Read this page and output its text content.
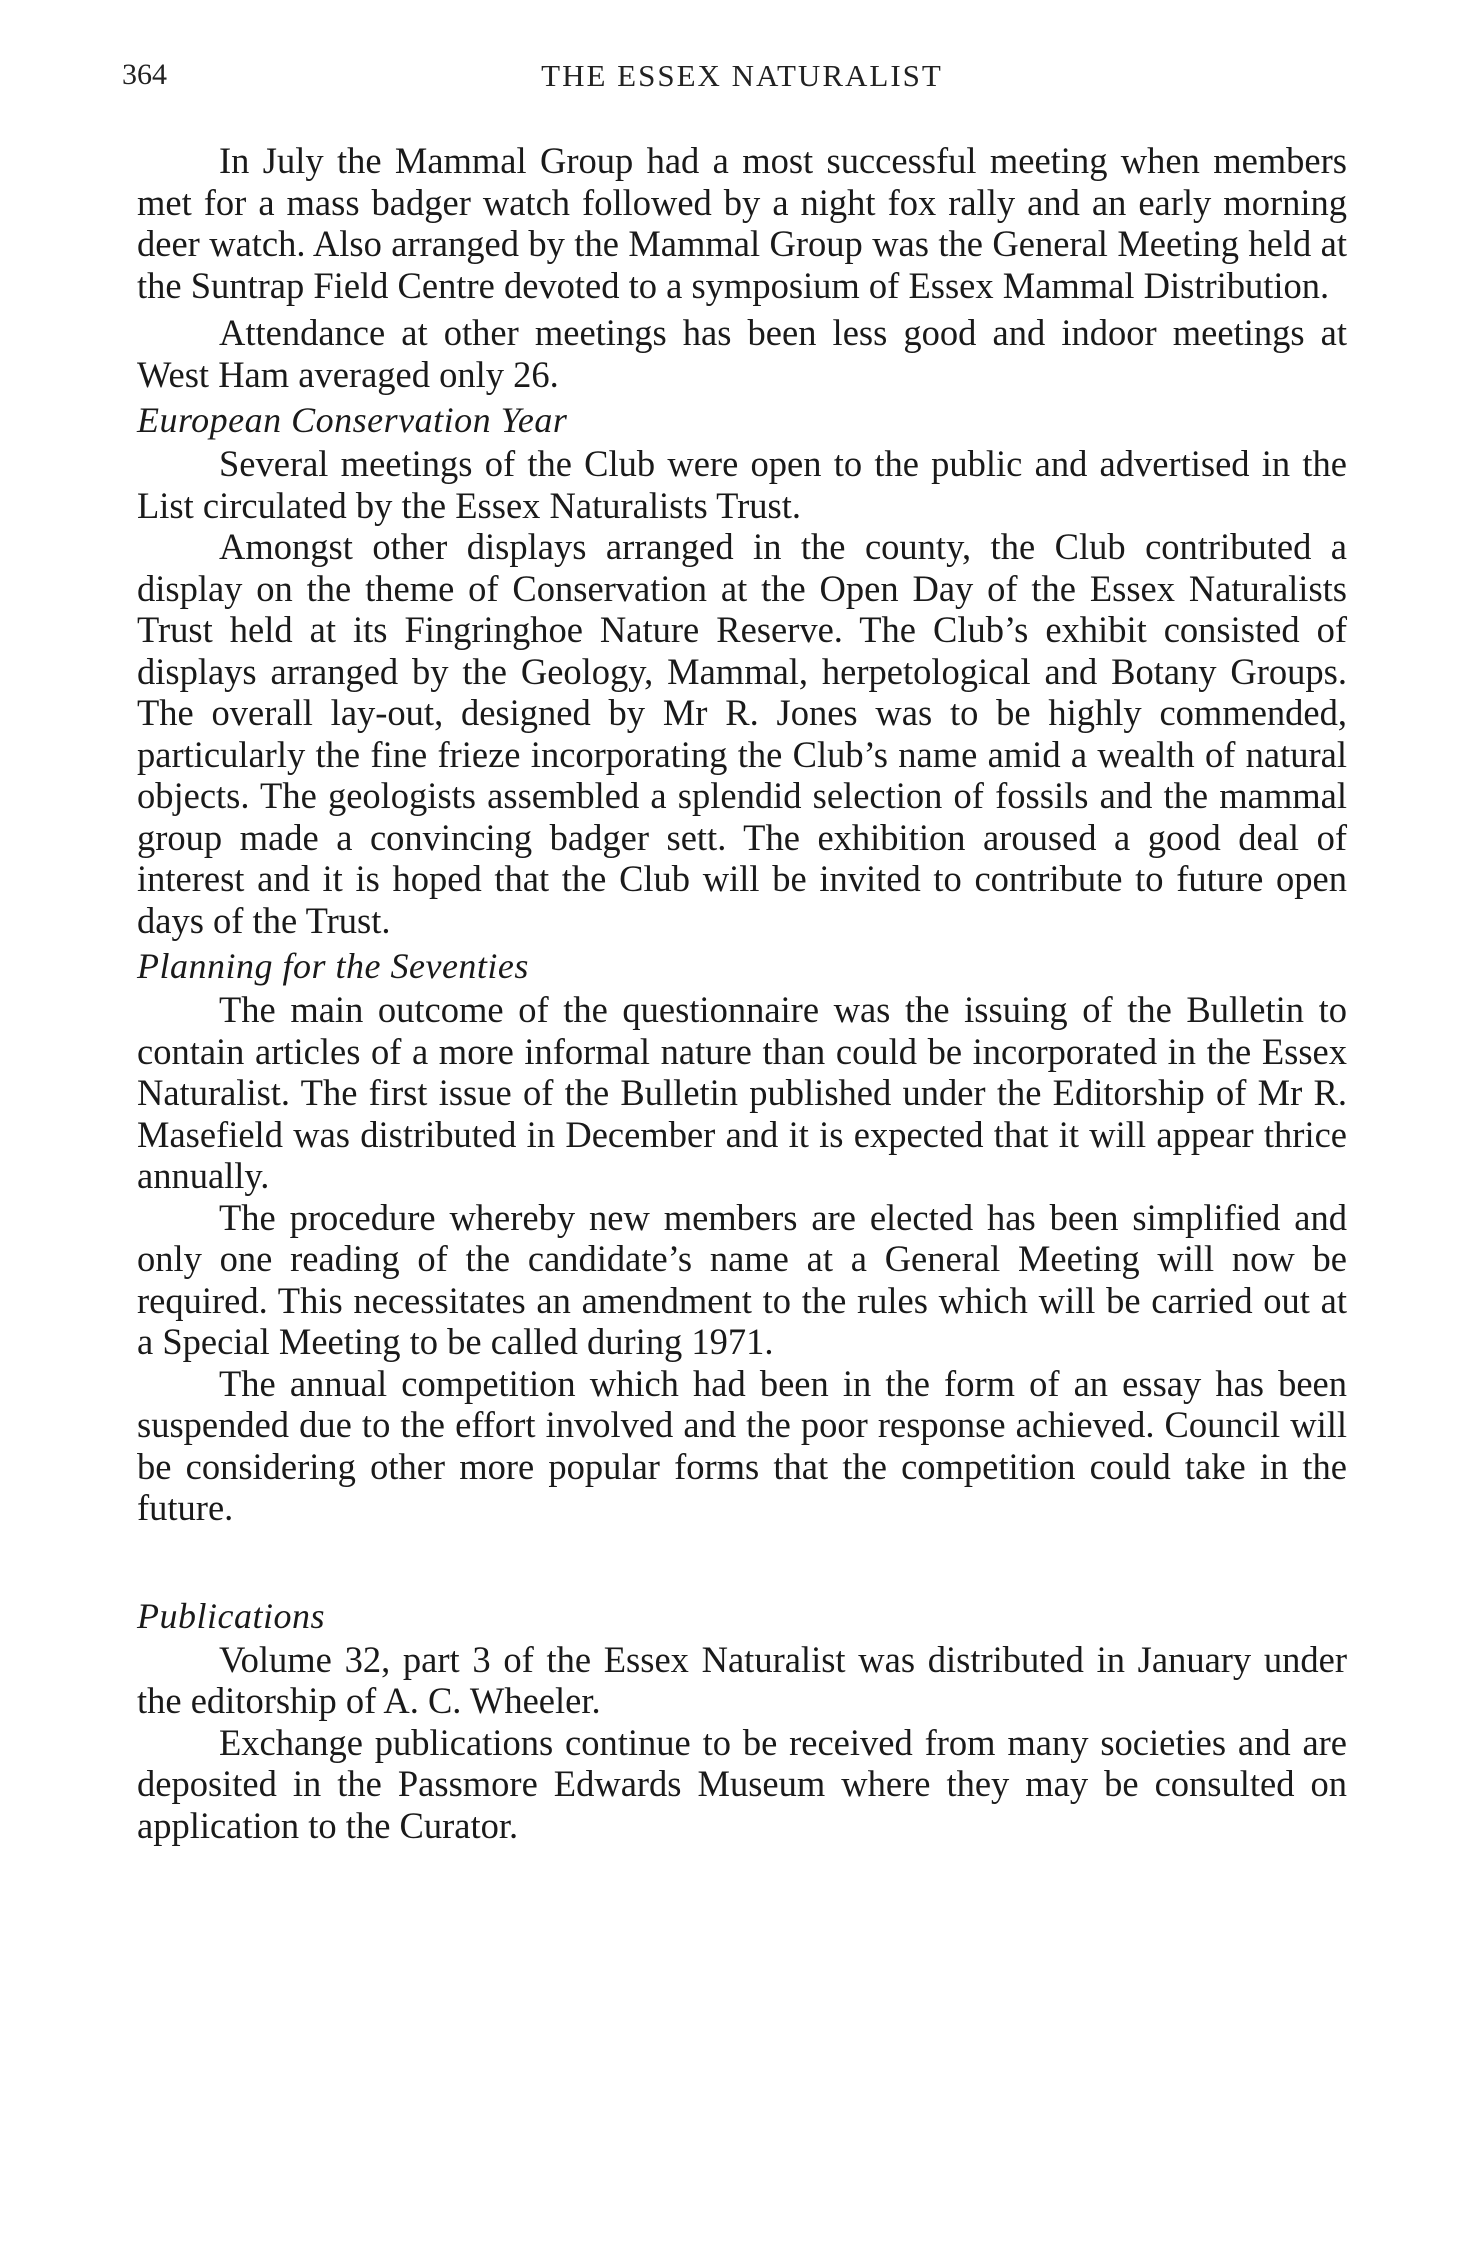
364	THE ESSEX NATURALIST

In July the Mammal Group had a most successful meeting when members met for a mass badger watch followed by a night fox rally and an early morning deer watch. Also arranged by the Mammal Group was the General Meeting held at the Suntrap Field Centre devoted to a symposium of Essex Mammal Distribution.

Attendance at other meetings has been less good and indoor meetings at West Ham averaged only 26.

European Conservation Year

Several meetings of the Club were open to the public and advertised in the List circulated by the Essex Naturalists Trust.

Amongst other displays arranged in the county, the Club contributed a display on the theme of Conservation at the Open Day of the Essex Naturalists Trust held at its Fingringhoe Nature Reserve. The Club’s exhibit consisted of displays arranged by the Geology, Mammal, herpetological and Botany Groups. The overall lay-out, designed by Mr R. Jones was to be highly commended, particularly the fine frieze incorporating the Club’s name amid a wealth of natural objects. The geologists assembled a splendid selection of fossils and the mammal group made a convincing badger sett. The exhibition aroused a good deal of interest and it is hoped that the Club will be invited to contribute to future open days of the Trust.

Planning for the Seventies

The main outcome of the questionnaire was the issuing of the Bulletin to contain articles of a more informal nature than could be incorporated in the Essex Naturalist. The first issue of the Bulletin published under the Editorship of Mr R. Masefield was distributed in December and it is expected that it will appear thrice annually.

The procedure whereby new members are elected has been simplified and only one reading of the candidate’s name at a General Meeting will now be required. This necessitates an amendment to the rules which will be carried out at a Special Meeting to be called during 1971.

The annual competition which had been in the form of an essay has been suspended due to the effort involved and the poor response achieved. Council will be considering other more popular forms that the competition could take in the future.

Publications

Volume 32, part 3 of the Essex Naturalist was distributed in January under the editorship of A. C. Wheeler.

Exchange publications continue to be received from many societies and are deposited in the Passmore Edwards Museum where they may be consulted on application to the Curator.
